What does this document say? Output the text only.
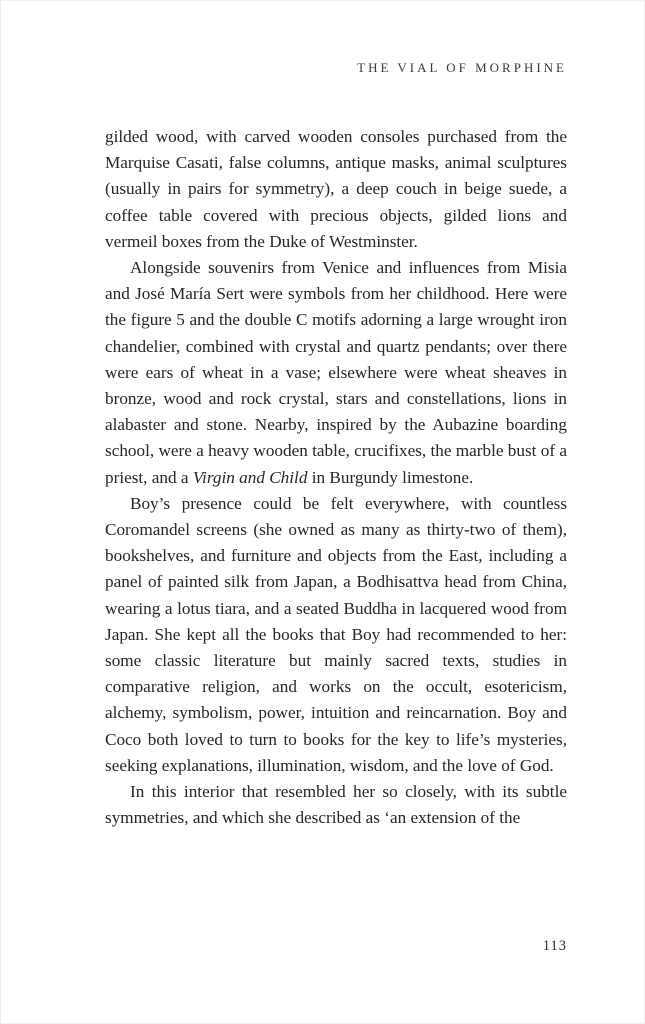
THE VIAL OF MORPHINE

gilded wood, with carved wooden consoles purchased from the Marquise Casati, false columns, antique masks, animal sculptures (usually in pairs for symmetry), a deep couch in beige suede, a coffee table covered with precious objects, gilded lions and vermeil boxes from the Duke of Westminster.

Alongside souvenirs from Venice and influences from Misia and José María Sert were symbols from her childhood. Here were the figure 5 and the double C motifs adorning a large wrought iron chandelier, combined with crystal and quartz pendants; over there were ears of wheat in a vase; elsewhere were wheat sheaves in bronze, wood and rock crystal, stars and constellations, lions in alabaster and stone. Nearby, inspired by the Aubazine boarding school, were a heavy wooden table, crucifixes, the marble bust of a priest, and a Virgin and Child in Burgundy limestone.

Boy’s presence could be felt everywhere, with countless Coromandel screens (she owned as many as thirty-two of them), bookshelves, and furniture and objects from the East, including a panel of painted silk from Japan, a Bodhisattva head from China, wearing a lotus tiara, and a seated Buddha in lacquered wood from Japan. She kept all the books that Boy had recommended to her: some classic literature but mainly sacred texts, studies in comparative religion, and works on the occult, esotericism, alchemy, symbolism, power, intuition and reincarnation. Boy and Coco both loved to turn to books for the key to life’s mysteries, seeking explanations, illumination, wisdom, and the love of God.

In this interior that resembled her so closely, with its subtle symmetries, and which she described as ‘an extension of the

113
